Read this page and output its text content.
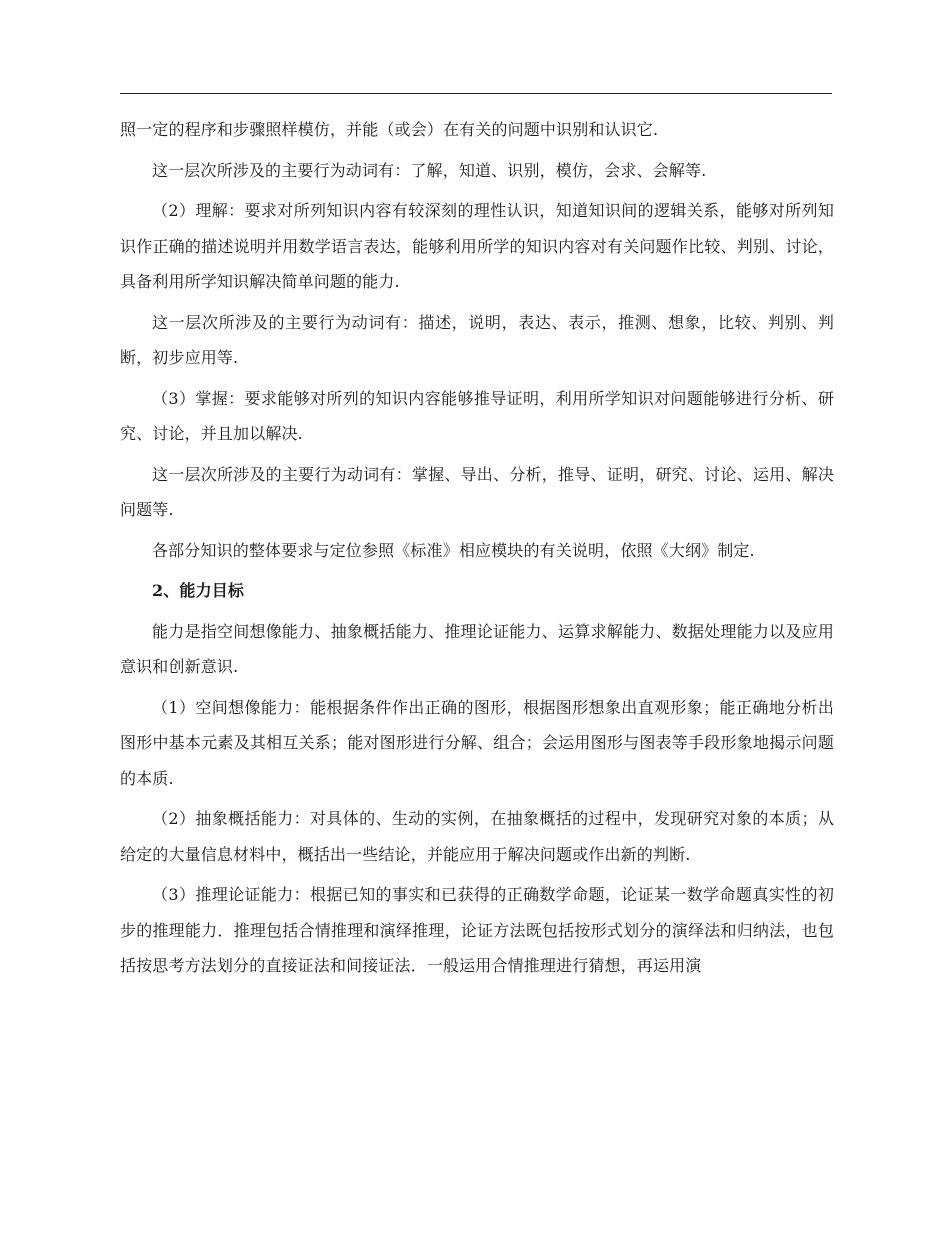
照一定的程序和步骤照样模仿，并能（或会）在有关的问题中识别和认识它.

这一层次所涉及的主要行为动词有：了解，知道、识别，模仿，会求、会解等.

（2）理解：要求对所列知识内容有较深刻的理性认识，知道知识间的逻辑关系，能够对所列知识作正确的描述说明并用数学语言表达，能够利用所学的知识内容对有关问题作比较、判别、讨论，具备利用所学知识解决简单问题的能力.

这一层次所涉及的主要行为动词有：描述，说明，表达、表示，推测、想象，比较、判别、判断，初步应用等.

（3）掌握：要求能够对所列的知识内容能够推导证明，利用所学知识对问题能够进行分析、研究、讨论，并且加以解决.

这一层次所涉及的主要行为动词有：掌握、导出、分析，推导、证明，研究、讨论、运用、解决问题等.

各部分知识的整体要求与定位参照《标准》相应模块的有关说明，依照《大纲》制定.

2、能力目标

能力是指空间想像能力、抽象概括能力、推理论证能力、运算求解能力、数据处理能力以及应用意识和创新意识.

（1）空间想像能力：能根据条件作出正确的图形，根据图形想象出直观形象；能正确地分析出图形中基本元素及其相互关系；能对图形进行分解、组合；会运用图形与图表等手段形象地揭示问题的本质.

（2）抽象概括能力：对具体的、生动的实例，在抽象概括的过程中，发现研究对象的本质；从给定的大量信息材料中，概括出一些结论，并能应用于解决问题或作出新的判断.

（3）推理论证能力：根据已知的事实和已获得的正确数学命题，论证某一数学命题真实性的初步的推理能力．推理包括合情推理和演绎推理，论证方法既包括按形式划分的演绎法和归纳法，也包括按思考方法划分的直接证法和间接证法．一般运用合情推理进行猜想，再运用演
